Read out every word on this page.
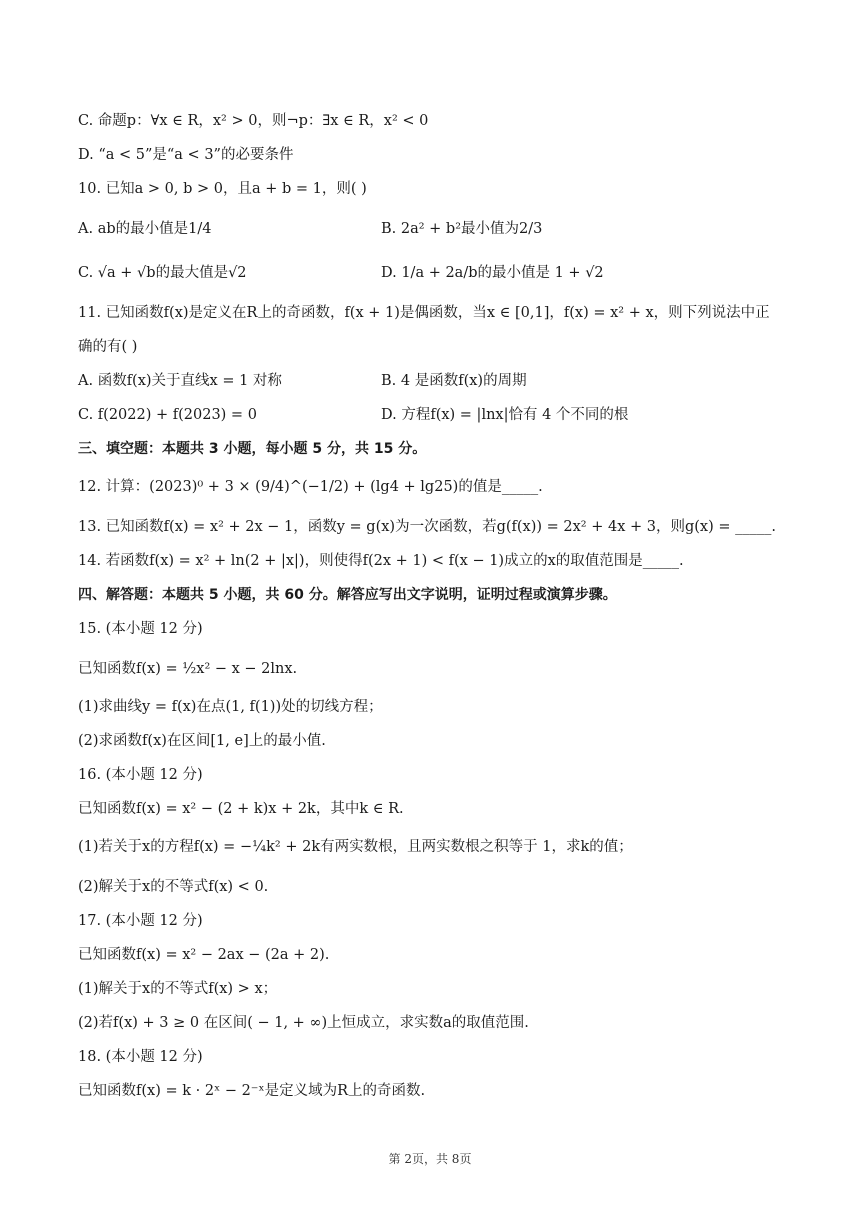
C. 命题p：∀x ∈ R，x² > 0，则¬p：∃x ∈ R，x² < 0
D. “a < 5”是“a < 3”的必要条件
10. 已知a > 0, b > 0，且a + b = 1，则( )
A. ab的最小值是1/4	B. 2a² + b²最小值为2/3
C. √a + √b的最大值是√2	D. 1/a + 2a/b的最小值是 1 + √2
11. 已知函数f(x)是定义在R上的奇函数，f(x + 1)是偶函数，当x ∈ [0,1]，f(x) = x² + x，则下列说法中正
确的有( )
A. 函数f(x)关于直线x = 1 对称	B. 4 是函数f(x)的周期
C. f(2022) + f(2023) = 0	D. 方程f(x) = |lnx|恰有 4 个不同的根
三、填空题：本题共 3 小题，每小题 5 分，共 15 分。
12. 计算：(2023)⁰ + 3 × (9/4)^(−1/2) + (lg4 + lg25)的值是_____.
13. 已知函数f(x) = x² + 2x − 1，函数y = g(x)为一次函数，若g(f(x)) = 2x² + 4x + 3，则g(x) = _____.
14. 若函数f(x) = x² + ln(2 + |x|)，则使得f(2x + 1) < f(x − 1)成立的x的取值范围是_____.
四、解答题：本题共 5 小题，共 60 分。解答应写出文字说明，证明过程或演算步骤。
15. (本小题 12 分)
已知函数f(x) = ½x² − x − 2lnx.
(1)求曲线y = f(x)在点(1, f(1))处的切线方程；
(2)求函数f(x)在区间[1, e]上的最小值.
16. (本小题 12 分)
已知函数f(x) = x² − (2 + k)x + 2k，其中k ∈ R.
(1)若关于x的方程f(x) = −¼k² + 2k有两实数根，且两实数根之积等于 1，求k的值；
(2)解关于x的不等式f(x) < 0.
17. (本小题 12 分)
已知函数f(x) = x² − 2ax − (2a + 2).
(1)解关于x的不等式f(x) > x；
(2)若f(x) + 3 ≥ 0 在区间( − 1, + ∞)上恒成立，求实数a的取值范围.
18. (本小题 12 分)
已知函数f(x) = k · 2ˣ − 2⁻ˣ是定义域为R上的奇函数.
第 2页，共 8页
